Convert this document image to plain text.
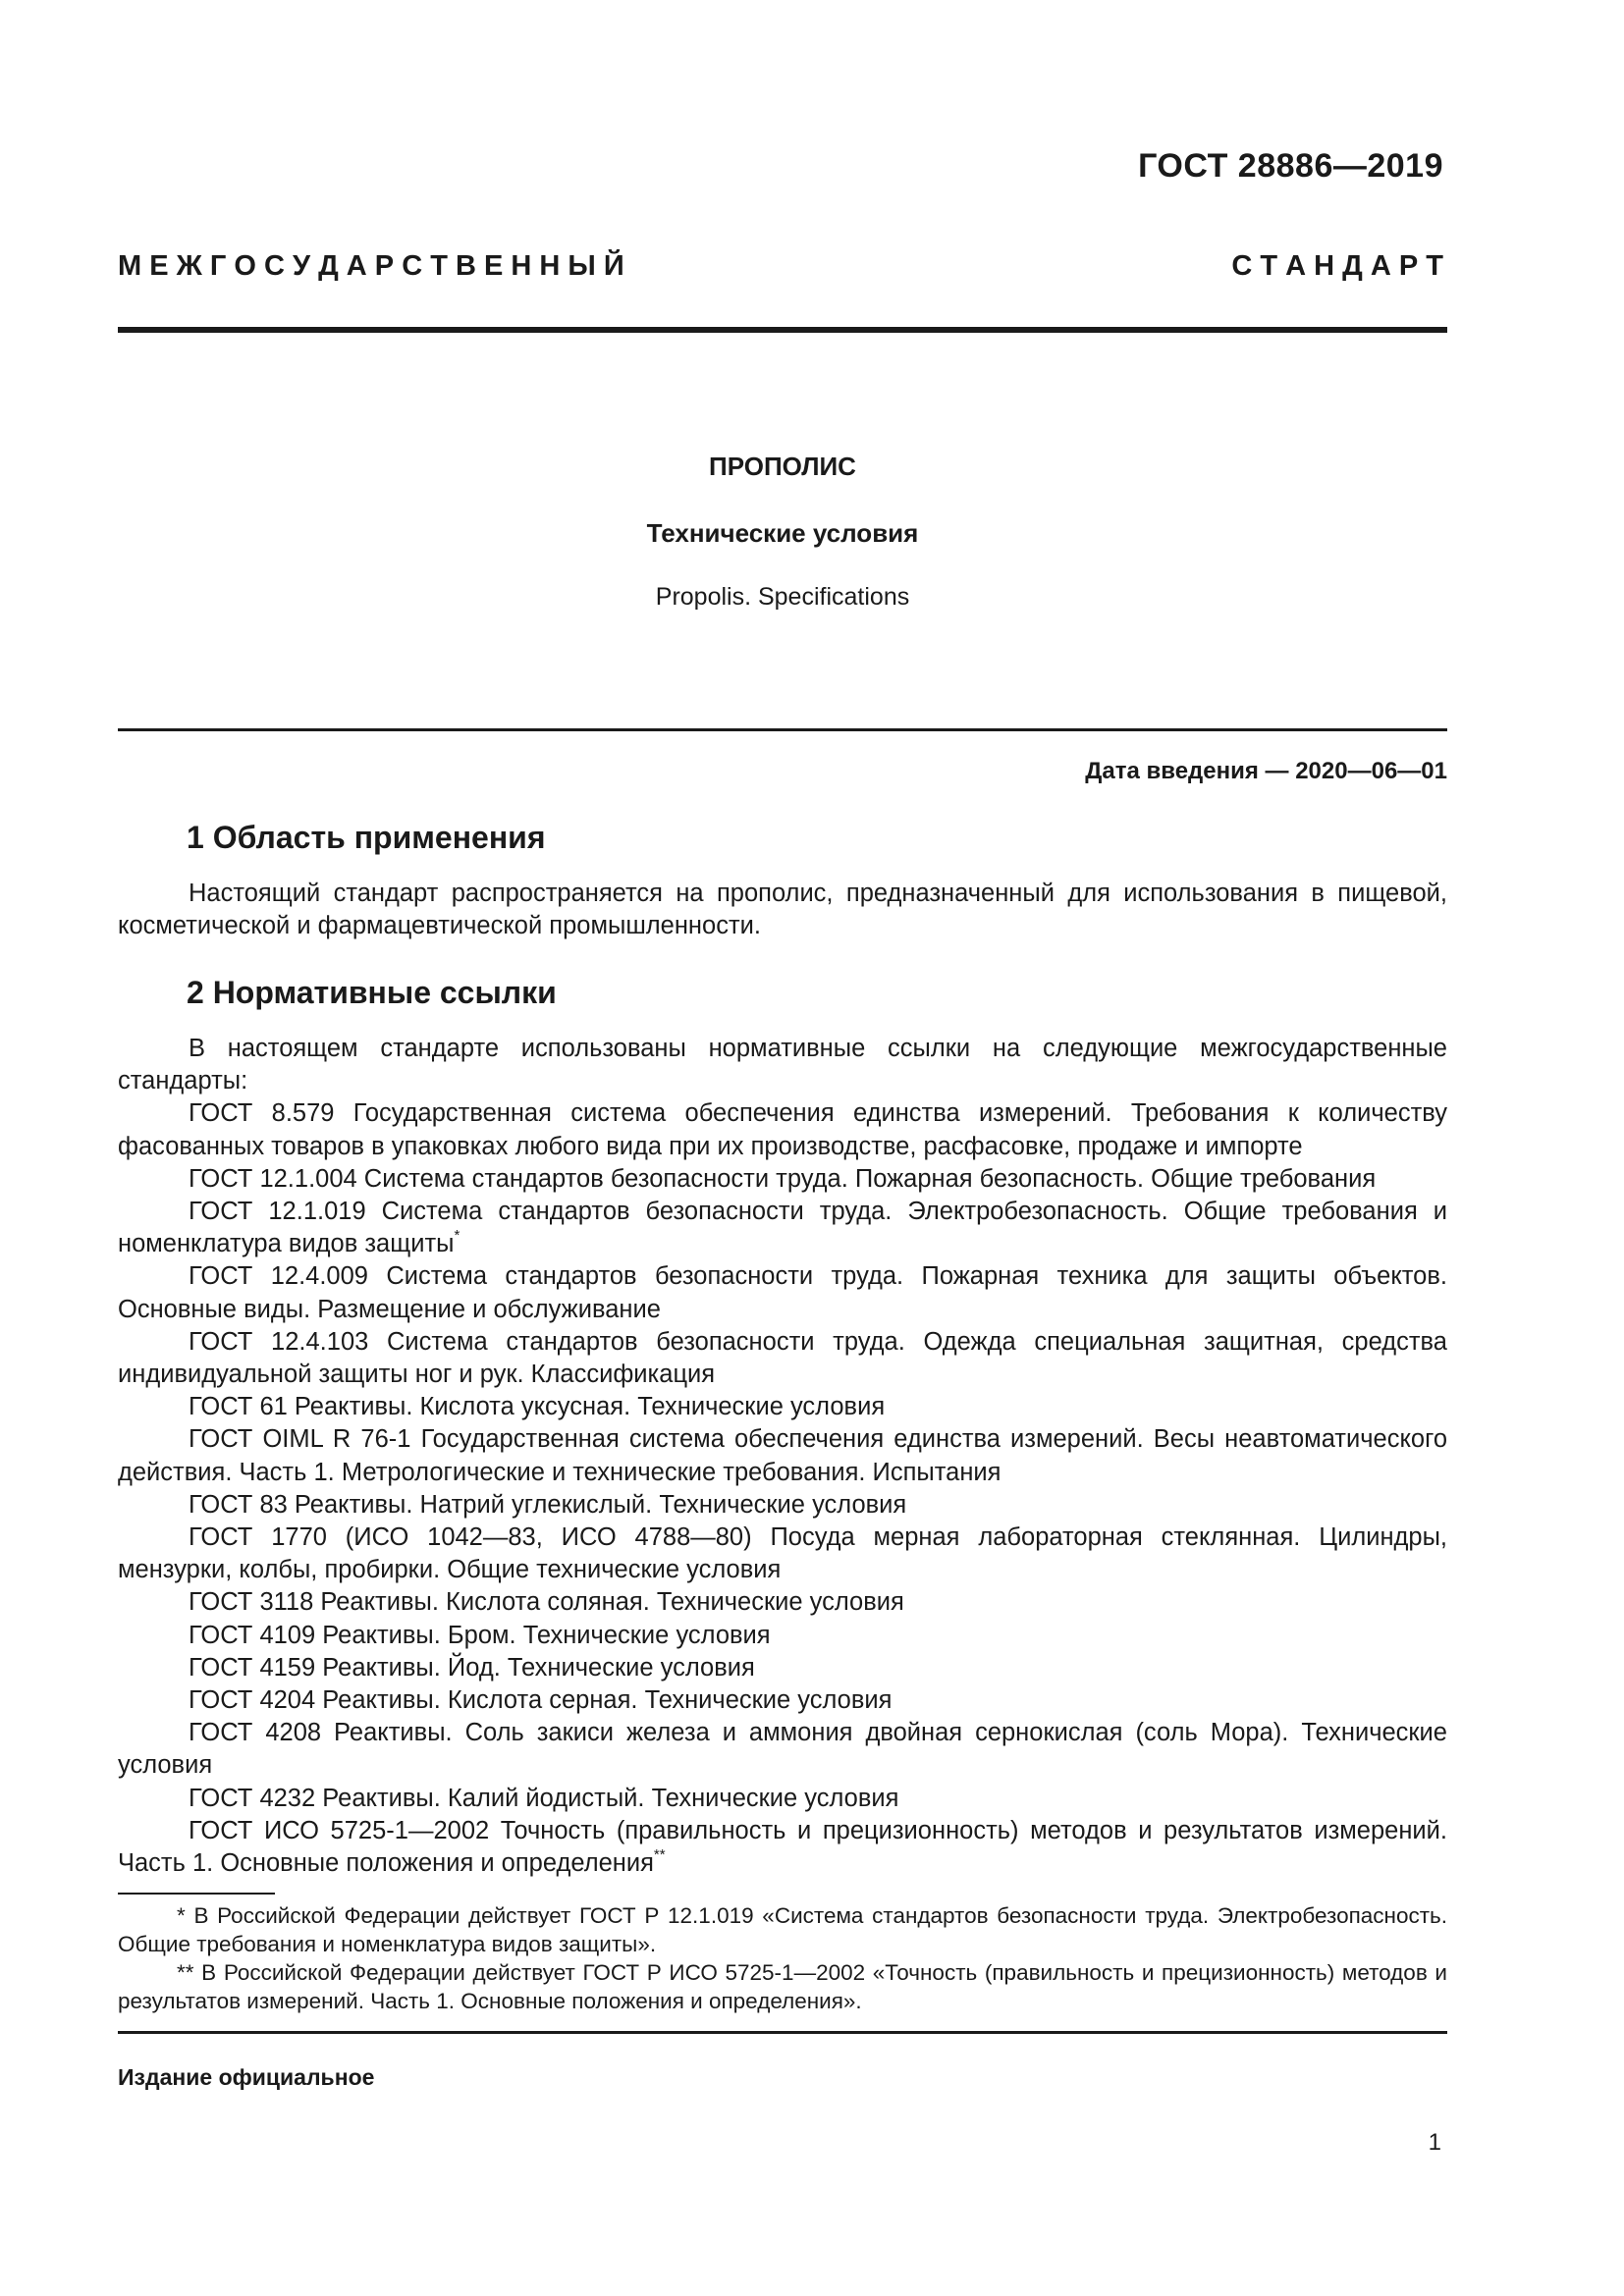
ГОСТ 28886—2019
М Е Ж Г О С У Д А Р С Т В Е Н Н Ы Й	С Т А Н Д А Р Т
ПРОПОЛИС
Технические условия
Propolis. Specifications
Дата введения — 2020—06—01
1 Область применения

Настоящий стандарт распространяется на прополис, предназначенный для использования в пищевой, косметической и фармацевтической промышленности.

2 Нормативные ссылки

В настоящем стандарте использованы нормативные ссылки на следующие межгосударственные стандарты:

ГОСТ 8.579 Государственная система обеспечения единства измерений. Требования к количеству фасованных товаров в упаковках любого вида при их производстве, расфасовке, продаже и импорте

ГОСТ 12.1.004 Система стандартов безопасности труда. Пожарная безопасность. Общие требования

ГОСТ 12.1.019 Система стандартов безопасности труда. Электробезопасность. Общие требования и номенклатура видов защиты*

ГОСТ 12.4.009 Система стандартов безопасности труда. Пожарная техника для защиты объектов. Основные виды. Размещение и обслуживание

ГОСТ 12.4.103 Система стандартов безопасности труда. Одежда специальная защитная, средства индивидуальной защиты ног и рук. Классификация

ГОСТ 61 Реактивы. Кислота уксусная. Технические условия

ГОСТ OIML R 76-1 Государственная система обеспечения единства измерений. Весы неавтоматического действия. Часть 1. Метрологические и технические требования. Испытания

ГОСТ 83 Реактивы. Натрий углекислый. Технические условия

ГОСТ 1770 (ИСО 1042—83, ИСО 4788—80) Посуда мерная лабораторная стеклянная. Цилиндры, мензурки, колбы, пробирки. Общие технические условия

ГОСТ 3118 Реактивы. Кислота соляная. Технические условия

ГОСТ 4109 Реактивы. Бром. Технические условия

ГОСТ 4159 Реактивы. Йод. Технические условия

ГОСТ 4204 Реактивы. Кислота серная. Технические условия

ГОСТ 4208 Реактивы. Соль закиси железа и аммония двойная сернокислая (соль Мора). Технические условия

ГОСТ 4232 Реактивы. Калий йодистый. Технические условия

ГОСТ ИСО 5725-1—2002 Точность (правильность и прецизионность) методов и результатов измерений. Часть 1. Основные положения и определения**

* В Российской Федерации действует ГОСТ Р 12.1.019 «Система стандартов безопасности труда. Электробезопасность. Общие требования и номенклатура видов защиты».

** В Российской Федерации действует ГОСТ Р ИСО 5725-1—2002 «Точность (правильность и прецизионность) методов и результатов измерений. Часть 1. Основные положения и определения».

Издание официальное
1
